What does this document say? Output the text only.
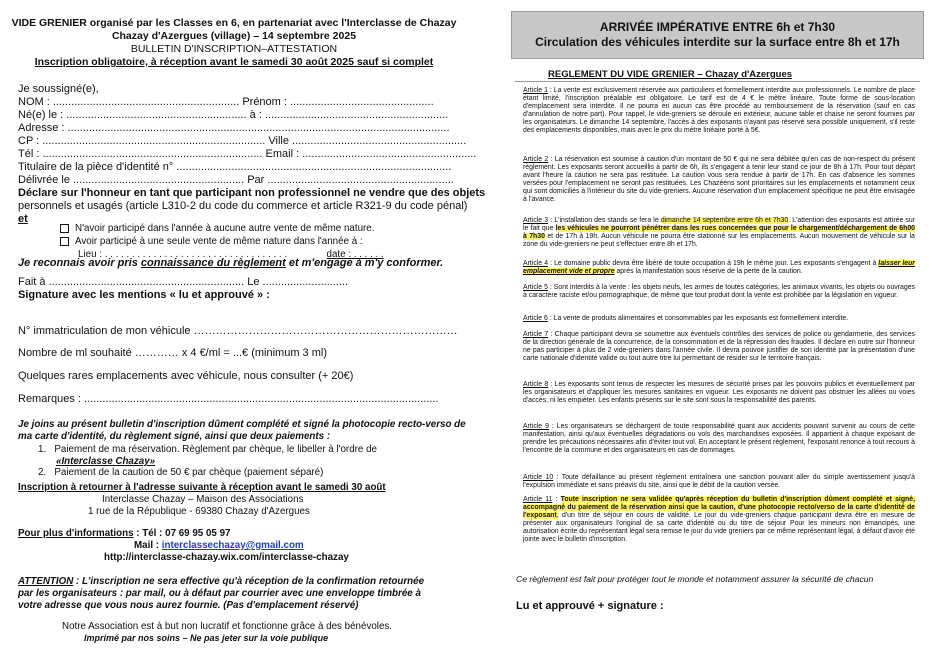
VIDE GRENIER organisé par les Classes en 6, en partenariat avec l'Interclasse de Chazay
Chazay d'Azergues (village) – 14 septembre 2025
BULLETIN D'INSCRIPTION–ATTESTATION
Inscription obligatoire, à réception avant le samedi 30 août 2025 sauf si complet
Je soussigné(e),
NOM : ............................................................. Prénom : ...............................................
Né(e) le : ........................................................... à : ............................................................
Adresse : .............................................................................................................................
CP : ......................................................................... Ville .........................................................
Tél : ........................................................................ Email : .........................................................
Titulaire de la pièce d'identité n° ..........................................................................................
Délivrée le ........................................................ Par .............................................................
Déclare sur l'honneur en tant que participant non professionnel ne vendre que des objets
personnels et usagés (article L310-2 du code du commerce et article R321-9 du code pénal)
et
N'avoir participé dans l'année à aucune autre vente de même nature.
Avoir participé à une seule vente de même nature dans l'année à :
Lieu : . . . . . . . . . . . . . . . . . . . . . . . . . . . . . . . . . .	date : . . . . . .
Je reconnais avoir pris connaissance du règlement et m'engage à m'y conformer.
Fait à ................................................................ Le ............................
Signature avec les mentions « lu et approuvé » :
N° immatriculation de mon véhicule ………………………………………………………………
Nombre de ml souhaité ………… x 4 €/ml = ...€ (minimum 3 ml)
Quelques rares emplacements avec véhicule, nous consulter (+ 20€)
Remarques : ....................................................................................................................
Je joins au présent bulletin d'inscription dûment complété et signé la photocopie recto-verso de
ma carte d'identité, du règlement signé, ainsi que deux paiements :
1. Paiement de ma réservation. Règlement par chèque, le libeller à l'ordre de
«Interclasse Chazay»
2. Paiement de la caution de 50 € par chèque (paiement séparé)
Inscription à retourner à l'adresse suivante à réception avant le samedi 30 août
Interclasse Chazay – Maison des Associations
1 rue de la République - 69380 Chazay d'Azergues
Pour plus d'informations : Tél : 07 69 95 05 97
Mail : interclassechazay@gmail.com
http://interclasse-chazay.wix.com/interclasse-chazay
ATTENTION : L'inscription ne sera effective qu'à réception de la confirmation retournée
par les organisateurs : par mail, ou à défaut par courrier avec une enveloppe timbrée à
votre adresse que vous nous aurez fournie. (Pas d'emplacement réservé)
Notre Association est à but non lucratif et fonctionne grâce à des bénévoles.
Imprimé par nos soins – Ne pas jeter sur la voie publique
ARRIVÉE IMPÉRATIVE ENTRE 6h et 7h30
Circulation des véhicules interdite sur la surface entre 8h et 17h
REGLEMENT DU VIDE GRENIER – Chazay d'Azergues
Article 1 : La vente est exclusivement réservée aux particuliers et formellement interdite aux professionnels. Le nombre de place étant limité, l'inscription préalable est obligatoire. Le tarif est de 4 € le mètre linéaire. Toute forme de sous-location d'emplacement sera interdite. Il ne pourra en aucun cas être procédé au remboursement de la réservation (sauf en cas d'annulation de notre part). Pour rappel, le vide-greniers se déroule en extérieur, aucune table et chaise ne seront fournies par les organisateurs. Le dimanche 14 septembre, l'accès à des exposants n'ayant pas réservé sera possible uniquement, s'il reste des emplacements disponibles, mais avec le prix du mètre linéaire porté à 5€.
Article 2 : La réservation est soumise à caution d'un montant de 50 € qui ne sera débitée qu'en cas de non-respect du présent règlement. Les exposants seront accueillis à partir de 6h, ils s'engagent à tenir leur stand ce jour de 8h à 17h. Pour tout départ avant l'heure la caution ne sera pas restituée. La caution vous sera rendue à partir de 17h. En cas d'absence les sommes versées pour l'emplacement ne seront pas restituées. Les Chazéens sont prioritaires sur les emplacements et notamment ceux qui sont domiciliés à l'intérieur du site du vide-greniers. Aucune réservation d'un emplacement spécifique ne peut être envisagée à l'avance.
Article 3 : L'installation des stands se fera le dimanche 14 septembre entre 6h et 7h30. L'attention des exposants est attirée sur le fait que les véhicules ne pourront pénétrer dans les rues concernées que pour le chargement/déchargement de 6h00 à 7h30 et de 17h à 19h. Aucun véhicule ne pourra être stationné sur les emplacements. Aucun mouvement de véhicule sur la zone du vide-greniers ne peut s'effectuer entre 8h et 17h.
Article 4 : Le domaine public devra être libéré de toute occupation à 19h le même jour. Les exposants s'engagent à laisser leur emplacement vide et propre après la manifestation sous réserve de la perte de la caution.
Article 5 : Sont interdits à la vente : les objets neufs, les armes de toutes catégories, les animaux vivants, les objets ou ouvrages à caractère raciste et/ou pornographique, de même que tout produit dont la vente est prohibée par la législation en vigueur.
Article 6 : La vente de produits alimentaires et consommables par les exposants est formellement interdite.
Article 7 : Chaque participant devra se soumettre aux éventuels contrôles des services de police ou gendarmerie, des services de la direction générale de la concurrence, de la consommation et de la répression des fraudes. Il déclare en outre sur l'honneur ne pas participer à plus de 2 vide-greniers dans l'année civile. Il devra pouvoir justifier de son identité par la présentation d'une carte nationale d'identité valide ou tout autre titre lui permettant de résider sur le territoire français.
Article 8 : Les exposants sont tenus de respecter les mesures de sécurité prises par les pouvoirs publics et éventuellement par les organisateurs et d'appliquer les mesures sanitaires en vigueur. Les exposants ne doivent pas obstruer les allées ou voies d'accès, ni les empiéter. Les enfants présents sur le site sont sous la responsabilité des parents.
Article 9 : Les organisateurs se déchargent de toute responsabilité quant aux accidents pouvant survenir au cours de cette manifestation, ainsi qu'aux éventuelles dégradations ou vols des marchandises exposées. Il appartient à chaque exposant de prendre les précautions nécessaires afin d'éviter tout vol. En acceptant le présent règlement, l'exposant renonce à tout recours à l'encontre de la commune et des organisateurs en cas de dommages.
Article 10 : Toute défaillance au présent règlement entraînera une sanction pouvant aller du simple avertissement jusqu'à l'expulsion immédiate et sans préavis du site, ainsi que le débit de la caution versée.
Article 11 : Toute inscription ne sera validée qu'après réception du bulletin d'inscription dûment complété et signé, accompagné du paiement de la réservation ainsi que la caution, d'une photocopie recto/verso de la carte d'identité de l'exposant, d'un titre de séjour en cours de validité. Le jour du vide-greniers chaque participant devra être en mesure de présenter aux organisateurs l'original de sa carte d'identité ou du titre de séjour Pour les mineurs non émancipés, une autorisation écrite du représentant légal sera remise le jour du vide greniers par ce même représentant légal, à défaut d'avoir été jointe avec le bulletin d'inscription.
Ce règlement est fait pour protéger tout le monde et notamment assurer la sécurité de chacun
Lu et approuvé + signature :
